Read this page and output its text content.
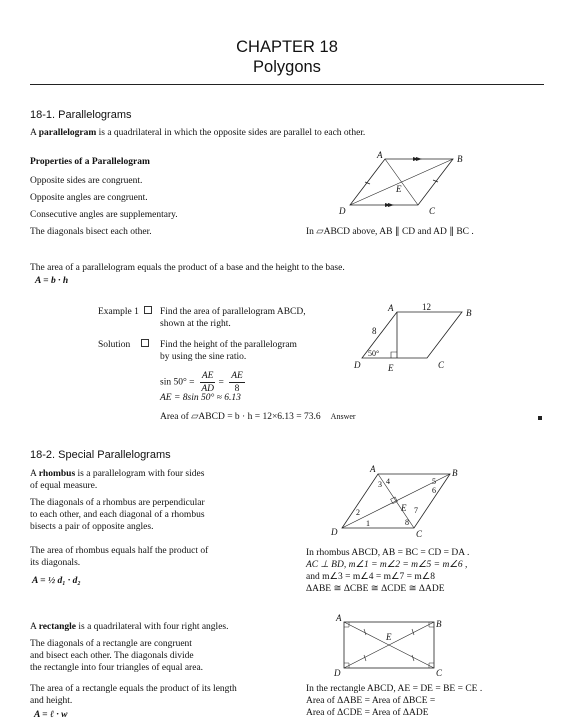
CHAPTER 18
Polygons
18-1. Parallelograms
A parallelogram is a quadrilateral in which the opposite sides are parallel to each other.
Properties of a Parallelogram
Opposite sides are congruent.
Opposite angles are congruent.
Consecutive angles are supplementary.
The diagonals bisect each other.
A	B
C
D
E
In ▱ABCD above, AB ∥ CD and AD ∥ BC .
The area of a parallelogram equals the product of a base and the height to the base.
A = b · h
Example 1	Find the area of parallelogram ABCD,
shown at the right.
Solution	Find the height of the parallelogram
by using the sine ratio.
$\sin 50^\circ = \frac{AE}{AD} = \frac{AE}{8}$
AE = 8sin 50° ≈ 6.13
Area of ▱ABCD = b · h = 12×6.13 = 73.6 Answer
A	B
C
D	E
12
8
50°
18-2. Special Parallelograms
A rhombus is a parallelogram with four sides
of equal measure.
The diagonals of a rhombus are perpendicular
to each other, and each diagonal of a rhombus
bisects a pair of opposite angles.
The area of rhombus equals half the product of
its diagonals.
A = ½ d₁ · d₂
A	B
C
D
E
1
2
3 4	5
6
7
8
In rhombus ABCD, AB = BC = CD = DA .
AC ⊥ BD, m∠1 = m∠2 = m∠5 = m∠6 ,
and m∠3 = m∠4 = m∠7 = m∠8
ΔABE ≅ ΔCBE ≅ ΔCDE ≅ ΔADE
A rectangle is a quadrilateral with four right angles.
The diagonals of a rectangle are congruent
and bisect each other. The diagonals divide
the rectangle into four triangles of equal area.
The area of a rectangle equals the product of its length
and height.
A = ℓ · w
A
B
C
D
E
In the rectangle ABCD, AE = DE = BE = CE .
Area of ΔABE = Area of ΔBCE =
Area of ΔCDE = Area of ΔADE
